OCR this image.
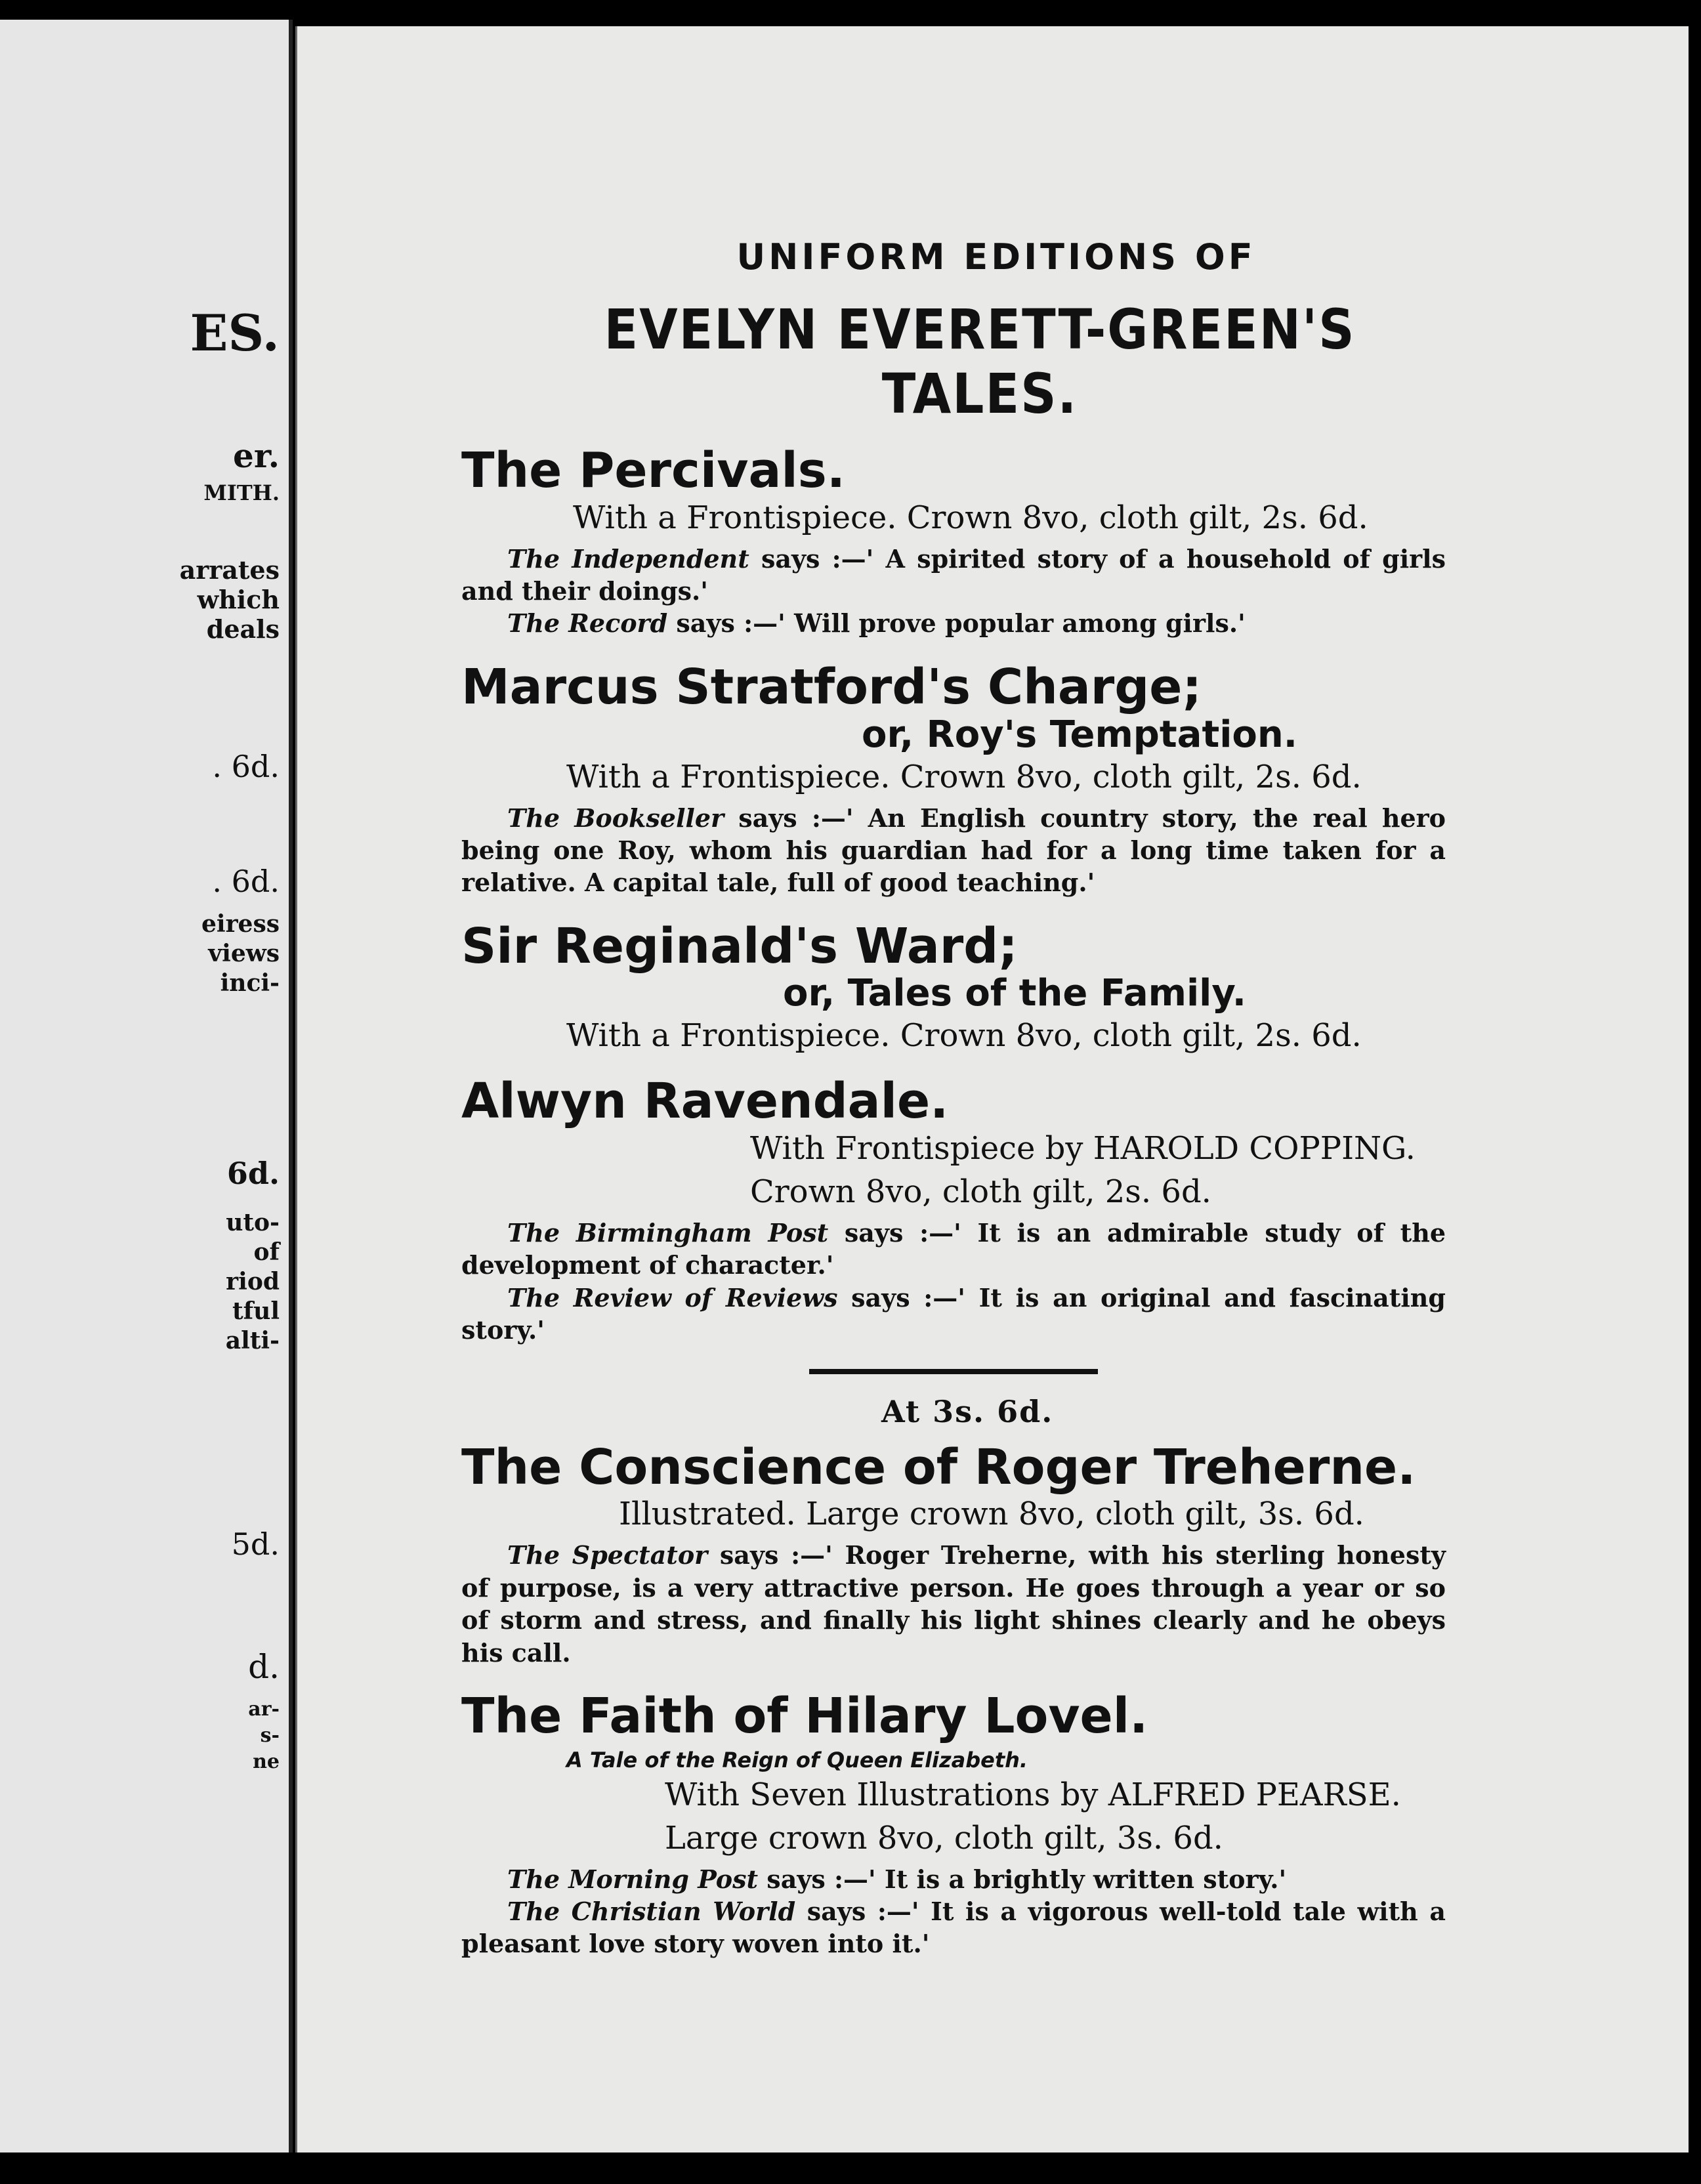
ES.
er.
MITH.
arrates
which
deals
. 6d.
. 6d.
eiress
views
inci-
6d.
uto-
of
riod
tful
alti-
5d.
d.
ar-
s-
ne
UNIFORM EDITIONS OF
EVELYN EVERETT-GREEN'S TALES.
The Percivals.
With a Frontispiece. Crown 8vo, cloth gilt, 2s. 6d.

The Independent says :—' A spirited story of a household of girls and their doings.'

The Record says :—' Will prove popular among girls.'

Marcus Stratford's Charge;
or, Roy's Temptation.
With a Frontispiece. Crown 8vo, cloth gilt, 2s. 6d.

The Bookseller says :—' An English country story, the real hero being one Roy, whom his guardian had for a long time taken for a relative. A capital tale, full of good teaching.'

Sir Reginald's Ward;
or, Tales of the Family.
With a Frontispiece. Crown 8vo, cloth gilt, 2s. 6d.
Alwyn Ravendale.
With Frontispiece by HAROLD COPPING.
Crown 8vo, cloth gilt, 2s. 6d.

The Birmingham Post says :—' It is an admirable study of the development of character.'

The Review of Reviews says :—' It is an original and fascinating story.'

At 3s. 6d.
The Conscience of Roger Treherne.
Illustrated. Large crown 8vo, cloth gilt, 3s. 6d.

The Spectator says :—' Roger Treherne, with his sterling honesty of purpose, is a very attractive person. He goes through a year or so of storm and stress, and finally his light shines clearly and he obeys his call.

The Faith of Hilary Lovel.
A Tale of the Reign of Queen Elizabeth.
With Seven Illustrations by ALFRED PEARSE.
Large crown 8vo, cloth gilt, 3s. 6d.

The Morning Post says :—' It is a brightly written story.'

The Christian World says :—' It is a vigorous well-told tale with a pleasant love story woven into it.'
